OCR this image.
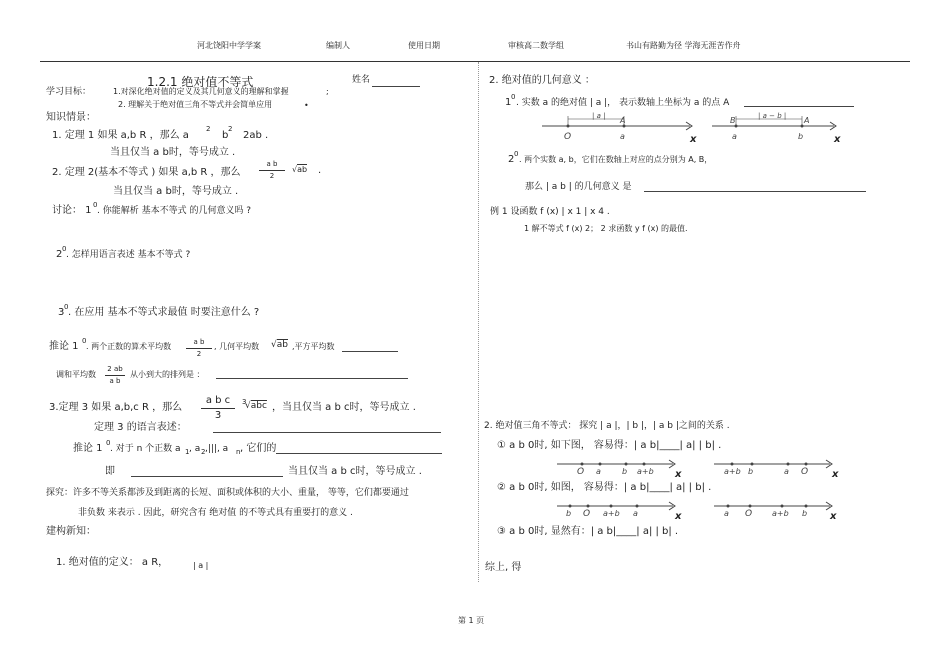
河北饶阳中学学案	编制人	使用日期	审核高二数学组	书山有路勤为径 学海无涯苦作舟
1.2.1 绝对值不等式	姓名
学习目标：	1.对深化绝对值的定义及其几何意义的理解和掌握	;
2. 理解关于绝对值三角不等式并会简单应用	•
知识情景：
1. 定理 1 如果 a,b R ，那么 a
2
b
2
2ab .
当且仅当 a b时，等号成立 .
2. 定理 2(基本不等式 ) 如果 a,b R ，那么
a b
2
√ab .
当且仅当 a b时，等号成立 .
讨论： 1 0
. 你能解析 基本不等式 的几何意义吗 ?
2 0
. 怎样用语言表述 基本不等式 ?
3 0 . 在应用 基本不等式求最值 时要注意什么 ?
推论 1 0
. 两个正数的算术平均数	a b
2
, 几何平均数 √ab ,平方平均数
调和平均数
2 ab
a b
从小到大的排列是 ：
3.定理 3 如果 a,b,c R ，那么
a b c
3
3
√abc ，当且仅当 a b c时，等号成立 .
定理 3 的语言表述：
推论 1 0
. 对于 n 个正数 a 1 , a 2 ,|||, a n , 它们的
即	当且仅当 a b c时，等号成立 .
探究：许多不等关系都涉及到距离的长短、面积或体积的大小、重量， 等等，它们都要通过
非负数 来表示 . 因此，研究含有 绝对值 的不等式具有重要打的意义 .
建构新知：
1. 绝对值的定义： a R，	| a |
2. 绝对值的几何意义 ：
1 0
. 实数 a 的绝对值 | a |， 表示数轴上坐标为 a 的点 A
| a |
O	a
A
x
| a − b |
B	A
a	b	x
2 0
. 两个实数 a, b，它们在数轴上对应的点分别为 A, B，
那么 | a b | 的几何意义 是
例 1 设函数 f (x) | x 1 | x 4 .
1 解不等式 f (x) 2； 2 求函数 y f (x) 的最值.
2. 绝对值三角不等式： 探究 | a |，| b |，| a b |之间的关系 .
① a b 0时, 如下图， 容易得：| a b|____| a| | b| .
O a	b a+b x	a+b b	a O x
② a b 0时, 如图， 容易得：| a b|____| a| | b| .
b O a+b a	x	a O a+b b x
③ a b 0时, 显然有：| a b|____| a| | b| .
综上, 得
第 1 页
